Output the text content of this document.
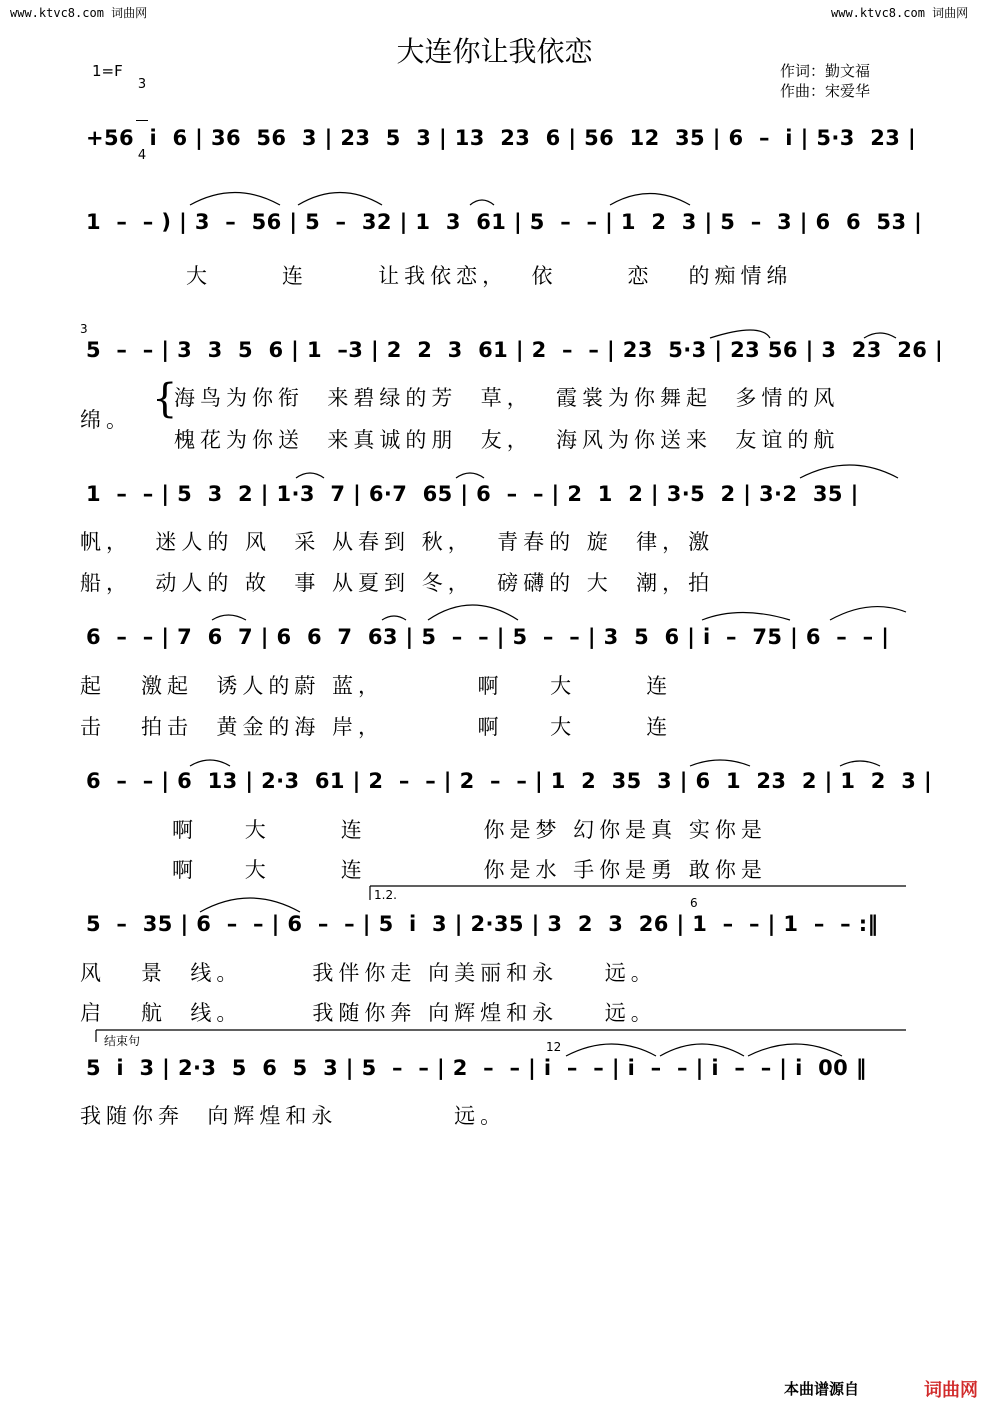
www.ktvc8.com 词曲网	www.ktvc8.com 词曲网
大连你让我依恋
1=F

3

4

作词：勤文福
作曲：宋爱华
+56  i  6 | 36  56  3 | 23  5  3 | 13  23  6 | 56  12  35 | 6  –  i | 5·3  23 |
1  –  – ) | 3  –  56 | 5  –  32 | 1  3  61 | 5  –  – | 1  2  3 | 5  –  3 | 6  6  53 |
大      连      让我依恋，  依      恋   的痴情绵
3
5  –  – | 3  3  5  6 | 1  –3 | 2  2  3  61 | 2  –  – | 23  5·3 | 23 56 | 3  23  26 |
绵。 {
海鸟为你衔  来碧绿的芳  草，  霞裳为你舞起  多情的风
槐花为你送  来真诚的朋  友，  海风为你送来  友谊的航
1  –  – | 5  3  2 | 1·3  7 | 6·7  65 | 6  –  – | 2  1  2 | 3·5  2 | 3·2  35 |
帆，  迷人的 风  采 从春到 秋，  青春的 旋  律，激
船，  动人的 故  事 从夏到 冬，  磅礴的 大  潮，拍
6  –  – | 7  6  7 | 6  6  7  63 | 5  –  – | 5  –  – | 3  5  6 | i  –  75 | 6  –  – |
起   激起  诱人的蔚 蓝，        啊    大      连
击   拍击  黄金的海 岸，        啊    大      连
6  –  – | 6  13 | 2·3  61 | 2  –  – | 2  –  – | 1  2  35  3 | 6  1  23  2 | 1  2  3 |
啊    大      连          你是梦 幻你是真 实你是
啊    大      连          你是水 手你是勇 敢你是
1.2.
6
5  –  35 | 6  –  – | 6  –  – | 5  i  3 | 2·35 | 3  2  3  26 | 1  –  – | 1  –  – :‖
风   景  线。      我伴你走 向美丽和永    远。
启   航  线。      我随你奔 向辉煌和永    远。
结束句	12
5  i  3 | 2·3  5  6  5  3 | 5  –  – | 2  –  – | i  –  – | i  –  – | i  –  – | i  00 ‖
我随你奔  向辉煌和永          远。
本曲谱源自	词曲网
